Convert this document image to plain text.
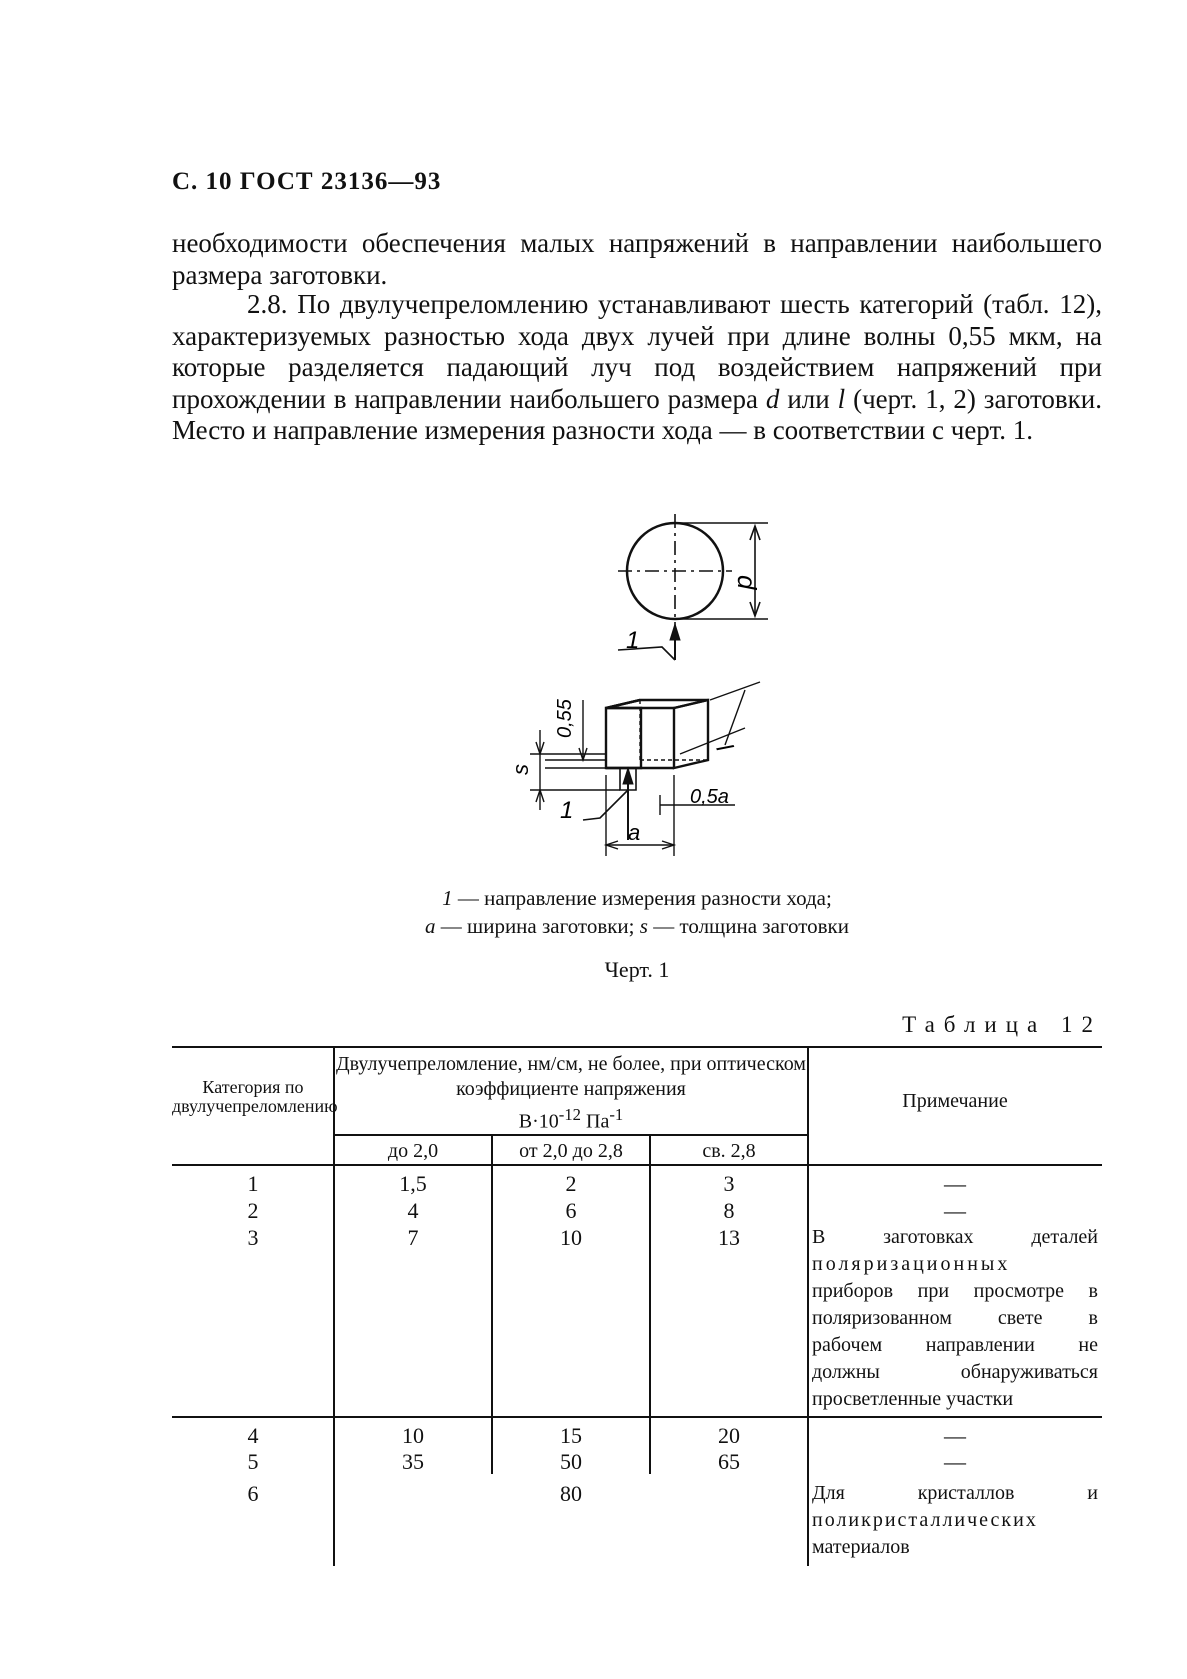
С. 10 ГОСТ 23136—93
необходимости обеспечения малых напряжений в направлении наибольшего размера заготовки.
2.8. По двулучепреломлению устанавливают шесть категорий (табл. 12), характеризуемых разностью хода двух лучей при длине волны 0,55 мкм, на которые разделяется падающий луч под воздействием напряжений при прохождении в направлении наибольшего размера d или l (черт. 1, 2) заготовки. Место и направление измерения разности хода — в соответствии с черт. 1.
d
1
0,55
s
l
1	0,5a
a
1 — направление измерения разности хода;
a — ширина заготовки; s — толщина заготовки
Черт. 1
Таблица 12
Категория по двулучепреломлению
Двулучепреломление, нм/см, не более, при оптическом коэффициенте напряжения
$B\cdot 10^{-12}$ $Па^{-1}$
Примечание
до 2,0	от 2,0 до 2,8	св. 2,8
1	1,5	2	3	—
2	4	6	8	—
3	7	10	13	В заготовках деталей
поляризационных
приборов при просмотре в
поляризованном свете в
рабочем направлении не
должны обнаруживаться
просветленные участки
4	10	15	20	—
5	35	50	65	—
6	80	Для кристаллов и
поликристаллических
материалов
